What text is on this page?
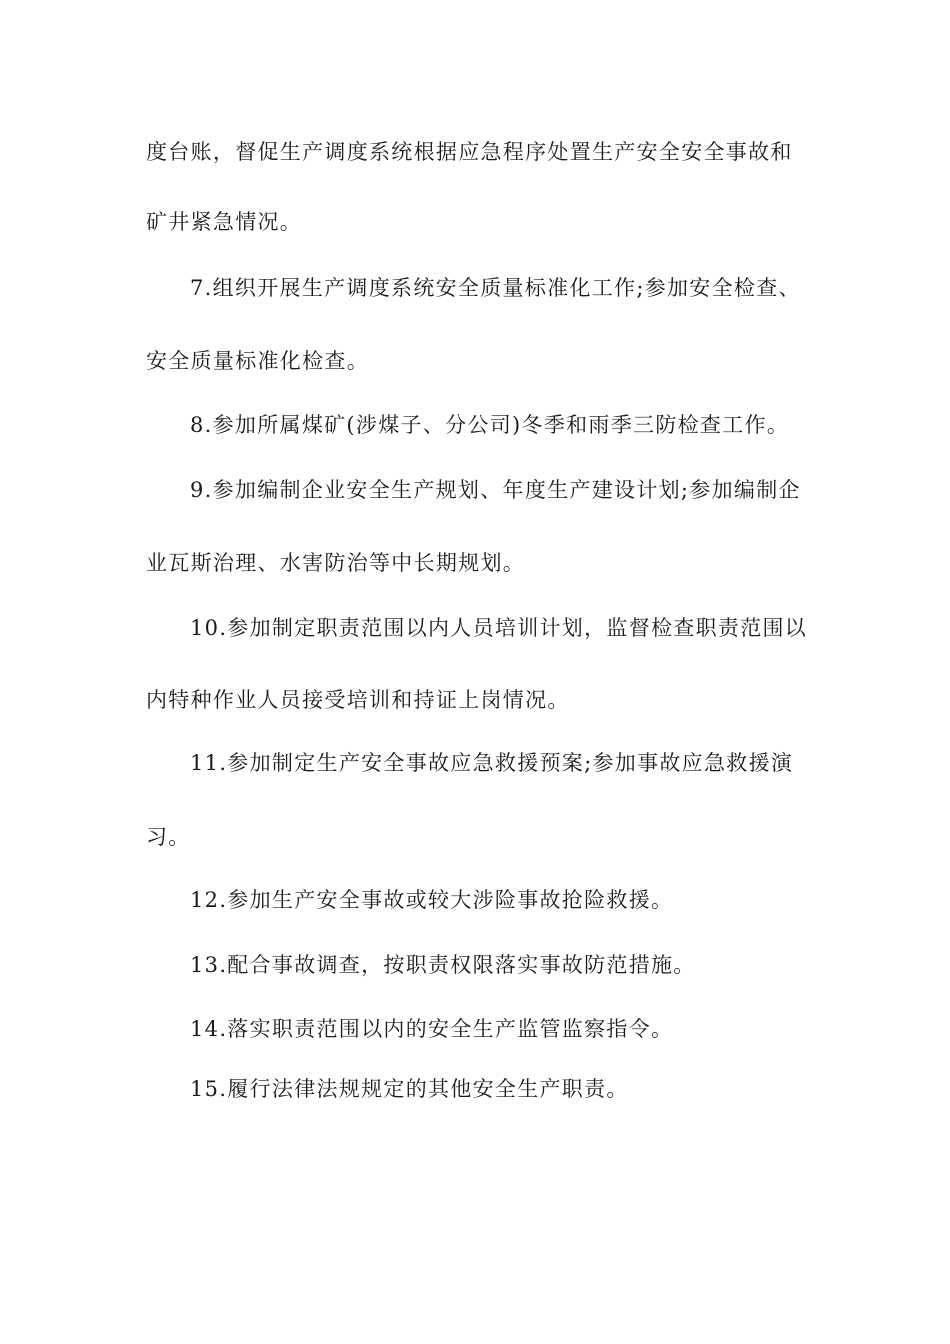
度台账，督促生产调度系统根据应急程序处置生产安全安全事故和
矿井紧急情况。
7.组织开展生产调度系统安全质量标准化工作;参加安全检查、
安全质量标准化检查。
8.参加所属煤矿(涉煤子、分公司)冬季和雨季三防检查工作。
9.参加编制企业安全生产规划、年度生产建设计划;参加编制企
业瓦斯治理、水害防治等中长期规划。
10.参加制定职责范围以内人员培训计划，监督检查职责范围以
内特种作业人员接受培训和持证上岗情况。
11.参加制定生产安全事故应急救援预案;参加事故应急救援演
习。
12.参加生产安全事故或较大涉险事故抢险救援。
13.配合事故调查，按职责权限落实事故防范措施。
14.落实职责范围以内的安全生产监管监察指令。
15.履行法律法规规定的其他安全生产职责。
